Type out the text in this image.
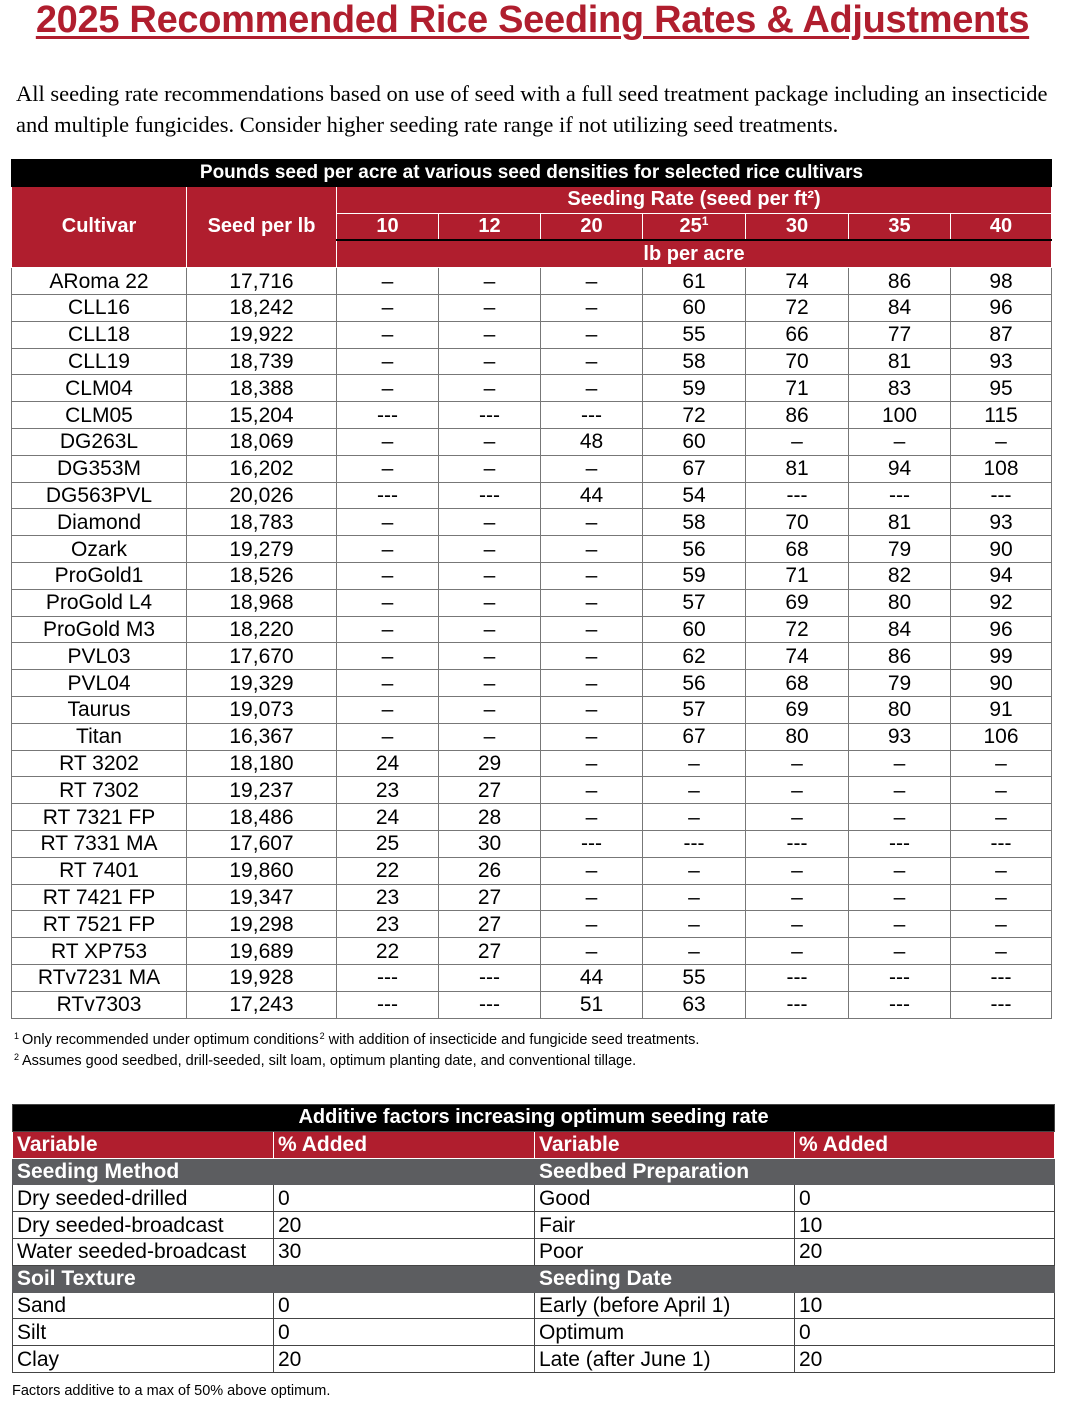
2025 Recommended Rice Seeding Rates & Adjustments
All seeding rate recommendations based on use of seed with a full seed treatment package including an insecticide and multiple fungicides. Consider higher seeding rate range if not utilizing seed treatments.
Pounds seed per acre at various seed densities for selected rice cultivars								
Cultivar	Seed per lb	Seeding Rate (seed per ft²)						
		10	12	20	$25^1$	30	35	40
		lb per acre						
ARoma 22	17,716	–	–	–	61	74	86	98
CLL16	18,242	–	–	–	60	72	84	96
CLL18	19,922	–	–	–	55	66	77	87
CLL19	18,739	–	–	–	58	70	81	93
CLM04	18,388	–	–	–	59	71	83	95
CLM05	15,204	---	---	---	72	86	100	115
DG263L	18,069	–	–	48	60	–	–	–
DG353M	16,202	–	–	–	67	81	94	108
DG563PVL	20,026	---	---	44	54	---	---	---
Diamond	18,783	–	–	–	58	70	81	93
Ozark	19,279	–	–	–	56	68	79	90
ProGold1	18,526	–	–	–	59	71	82	94
ProGold L4	18,968	–	–	–	57	69	80	92
ProGold M3	18,220	–	–	–	60	72	84	96
PVL03	17,670	–	–	–	62	74	86	99
PVL04	19,329	–	–	–	56	68	79	90
Taurus	19,073	–	–	–	57	69	80	91
Titan	16,367	–	–	–	67	80	93	106
RT 3202	18,180	24	29	–	–	–	–	–
RT 7302	19,237	23	27	–	–	–	–	–
RT 7321 FP	18,486	24	28	–	–	–	–	–
RT 7331 MA	17,607	25	30	---	---	---	---	---
RT 7401	19,860	22	26	–	–	–	–	–
RT 7421 FP	19,347	23	27	–	–	–	–	–
RT 7521 FP	19,298	23	27	–	–	–	–	–
RT XP753	19,689	22	27	–	–	–	–	–
RTv7231 MA	19,928	---	---	44	55	---	---	---
RTv7303	17,243	---	---	51	63	---	---	---
$^1$ Only recommended under optimum conditions$^2$ with addition of insecticide and fungicide seed treatments.
$^2$ Assumes good seedbed, drill-seeded, silt loam, optimum planting date, and conventional tillage.
Additive factors increasing optimum seeding rate			
Variable	% Added	Variable	% Added
Seeding Method		Seedbed Preparation	
Dry seeded-drilled	0	Good	0
Dry seeded-broadcast	20	Fair	10
Water seeded-broadcast	30	Poor	20
Soil Texture		Seeding Date	
Sand	0	Early (before April 1)	10
Silt	0	Optimum	0
Clay	20	Late (after June 1)	20
Factors additive to a max of 50% above optimum.
